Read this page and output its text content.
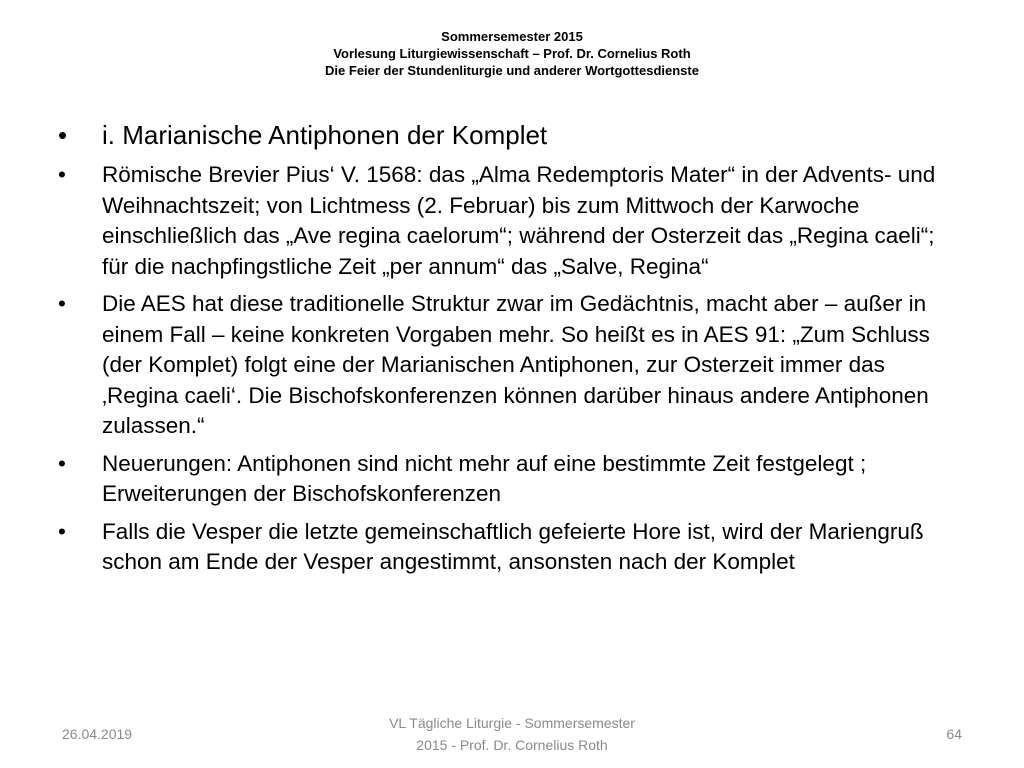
Sommersemester 2015
Vorlesung Liturgiewissenschaft – Prof. Dr. Cornelius Roth
Die Feier der Stundenliturgie und anderer Wortgottesdienste
• i. Marianische Antiphonen der Komplet
• Römische Brevier Pius‘ V. 1568: das „Alma Redemptoris Mater“ in der Advents- und Weihnachtszeit; von Lichtmess (2. Februar) bis zum Mittwoch der Karwoche einschließlich das „Ave regina caelorum“; während der Osterzeit das „Regina caeli“; für die nachpfingstliche Zeit „per annum“ das „Salve, Regina“
• Die AES hat diese traditionelle Struktur zwar im Gedächtnis, macht aber – außer in einem Fall – keine konkreten Vorgaben mehr. So heißt es in AES 91: „Zum Schluss (der Komplet) folgt eine der Marianischen Antiphonen, zur Osterzeit immer das ‚Regina caeli‘. Die Bischofskonferenzen können darüber hinaus andere Antiphonen zulassen.“
• Neuerungen: Antiphonen sind nicht mehr auf eine bestimmte Zeit festgelegt ; Erweiterungen der Bischofskonferenzen
• Falls die Vesper die letzte gemeinschaftlich gefeierte Hore ist, wird der Mariengruß schon am Ende der Vesper angestimmt, ansonsten nach der Komplet
26.04.2019
VL Tägliche Liturgie - Sommersemester
2015 - Prof. Dr. Cornelius Roth
64
